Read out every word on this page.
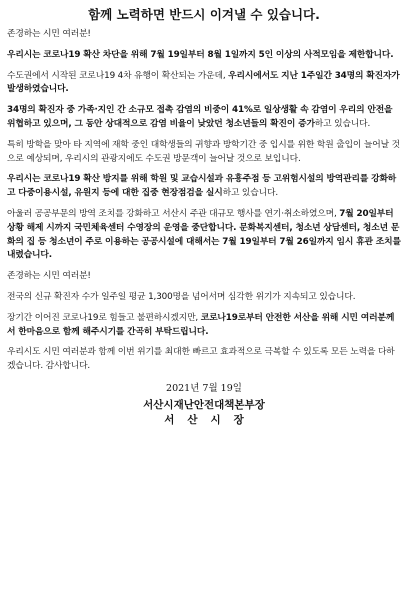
함께 노력하면 반드시 이겨낼 수 있습니다.

존경하는 시민 여러분!

우리시는 코로나19 확산 차단을 위해 7월 19일부터 8월 1일까지 5인 이상의 사적모임을 제한합니다.

수도권에서 시작된 코로나19 4차 유행이 확산되는 가운데, 우리시에서도 지난 1주일간 34명의 확진자가 발생하였습니다.

34명의 확진자 중 가족·지인 간 소규모 접촉 감염의 비중이 41%로 일상생활 속 감염이 우리의 안전을 위협하고 있으며, 그 동안 상대적으로 감염 비율이 낮았던 청소년들의 확진이 증가하고 있습니다.

특히 방학을 맞아 타 지역에 재학 중인 대학생들의 귀향과 방학기간 중 입시를 위한 학원 출입이 늘어날 것으로 예상되며, 우리시의 관광지에도 수도권 방문객이 늘어날 것으로 보입니다.

우리시는 코로나19 확산 방지를 위해 학원 및 교습시설과 유흥주점 등 고위험시설의 방역관리를 강화하고 다중이용시설, 유원지 등에 대한 집중 현장점검을 실시하고 있습니다.

아울러 공공부문의 방역 조치를 강화하고 서산시 주관 대규모 행사를 연기·취소하였으며, 7월 20일부터 상황 해제 시까지 국민체육센터 수영장의 운영을 중단합니다. 문화복지센터, 청소년 상담센터, 청소년 문화의 집 등 청소년이 주로 이용하는 공공시설에 대해서는 7월 19일부터 7월 26일까지 임시 휴관 조치를 내렸습니다.

존경하는 시민 여러분!

전국의 신규 확진자 수가 일주일 평균 1,300명을 넘어서며 심각한 위기가 지속되고 있습니다.

장기간 이어진 코로나19로 힘들고 불편하시겠지만, 코로나19로부터 안전한 서산을 위해 시민 여러분께서 한마음으로 함께 해주시기를 간곡히 부탁드립니다.

우리시도 시민 여러분과 함께 이번 위기를 최대한 빠르고 효과적으로 극복할 수 있도록 모든 노력을 다하겠습니다. 감사합니다.

2021년 7월 19일
서산시재난안전대책본부장
서산시장
